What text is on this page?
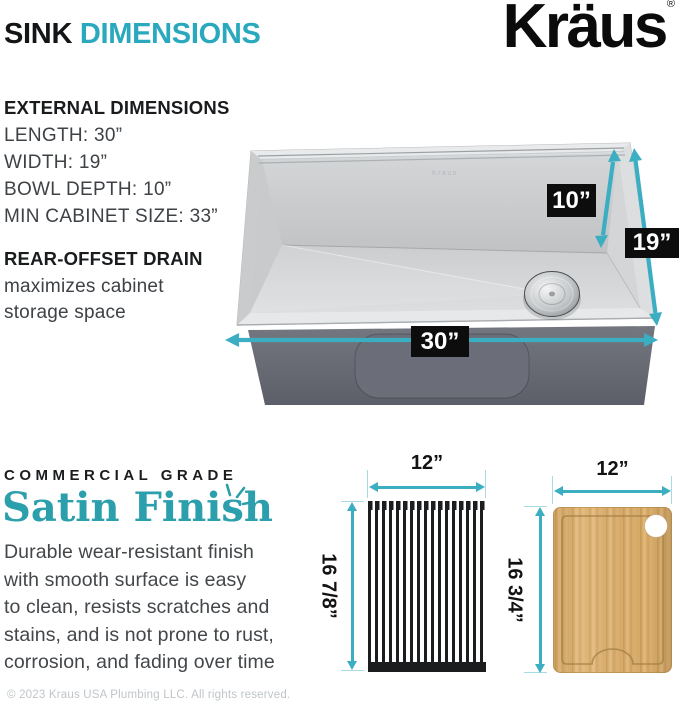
SINK DIMENSIONS	Kräus®
EXTERNAL DIMENSIONS
LENGTH: 30”
WIDTH: 19”
BOWL DEPTH: 10”
MIN CABINET SIZE: 33”
REAR-OFFSET DRAIN
maximizes cabinet
storage space
Kraus
10”
19”
30”
COMMERCIAL GRADE
Satin Finish
Durable wear-resistant finish
with smooth surface is easy
to clean, resists scratches and
stains, and is not prone to rust,
corrosion, and fading over time
12”
16 7/8”
12”
16 3/4”
© 2023 Kraus USA Plumbing LLC. All rights reserved.
